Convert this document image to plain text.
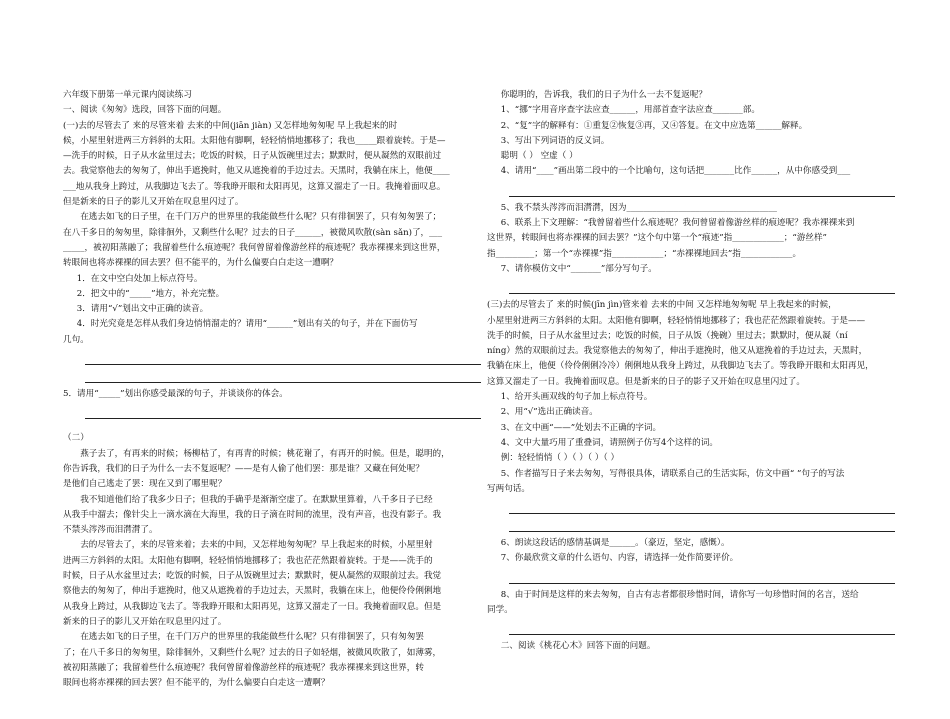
六年级下册第一单元课内阅读练习

一、阅读《匆匆》选段，回答下面的问题。

(一)去的尽管去了 来的尽管来着 去来的中间(jiān jiàn) 又怎样地匆匆呢 早上我起来的时

候，小屋里射进两三方斜斜的太阳。太阳他有脚啊，轻轻悄悄地挪移了；我也_____跟着旋转。于是—

—洗手的时候，日子从水盆里过去；吃饭的时候，日子从饭碗里过去；默默时，便从凝然的双眼前过

去。我觉察他去的匆匆了，伸出手遮挽时，他又从遮挽着的手边过去。天黑时，我躺在床上，他便____

___地从我身上跨过，从我脚边飞去了。等我睁开眼和太阳再见，这算又溜走了一日。我掩着面叹息。

但是新来的日子的影儿又开始在叹息里闪过了。

在逃去如飞的日子里，在千门万户的世界里的我能做些什么呢？只有徘徊罢了，只有匆匆罢了；

在八千多日的匆匆里，除徘徊外，又剩些什么呢？过去的日子______，被微风吹散(sàn sǎn)了，___

_____，被初阳蒸融了；我留着些什么痕迹呢？我何曾留着像游丝样的痕迹呢？我赤裸裸来到这世界，

转眼间也将赤裸裸的回去罢？但不能平的，为什么偏要白白走这一遭啊？

1．在文中空白处加上标点符号。

2．把文中的“_____”地方，补充完整。

3．请用“√”划出文中正确的读音。

4．时光究竟是怎样从我们身边悄悄溜走的？请用“______”划出有关的句子，并在下面仿写

几句。

5．请用“_____”划出你感受最深的句子，并谈谈你的体会。

（二）

燕子去了，有再来的时候；杨柳枯了，有再青的时候；桃花谢了，有再开的时候。但是，聪明的，

你告诉我，我们的日子为什么一去不复返呢？——是有人偷了他们罢：那是谁？又藏在何处呢？

是他们自己逃走了罢：现在又到了哪里呢？

我不知道他们给了我多少日子；但我的手确乎是渐渐空虚了。在默默里算着，八千多日子已经

从我手中溜去；像针尖上一滴水滴在大海里，我的日子滴在时间的流里，没有声音，也没有影子。我

不禁头涔涔而泪潸潸了。

去的尽管去了，来的尽管来着；去来的中间，又怎样地匆匆呢？早上我起来的时候，小屋里射

进两三方斜斜的太阳。太阳他有脚啊，轻轻悄悄地挪移了；我也茫茫然跟着旋转。于是——洗手的

时候，日子从水盆里过去；吃饭的时候，日子从饭碗里过去；默默时，便从凝然的双眼前过去。我觉

察他去的匆匆了，伸出手遮挽时，他又从遮挽着的手边过去，天黑时，我躺在床上，他便伶伶俐俐地

从我身上跨过，从我脚边飞去了。等我睁开眼和太阳再见，这算又溜走了一日。我掩着面叹息。但是

新来的日子的影儿又开始在叹息里闪过了。

在逃去如飞的日子里，在千门万户的世界里的我能做些什么呢？只有徘徊罢了，只有匆匆罢

了；在八千多日的匆匆里，除徘徊外，又剩些什么呢？过去的日子如轻烟，被微风吹散了，如薄雾，

被初阳蒸融了；我留着些什么痕迹呢？我何曾留着像游丝样的痕迹呢？我赤裸裸来到这世界，转

眼间也将赤裸裸的回去罢？但不能平的，为什么偏要白白走这一遭啊？

你聪明的，告诉我，我们的日子为什么一去不复返呢？

1、“挪”字用音序查字法应查______，用部首查字法应查_______部。

2、“复”字的解释有：①重复②恢复③再，又④答复。在文中应选第______解释。

3、写出下列词语的反义词。

聪明（ ） 空虚（ ）

4、请用“____”画出第二段中的一个比喻句，这句话把_______比作______，从中你感受到___

5、我不禁头涔涔而泪潸潸，因为___________________________________

6、联系上下文理解：“我曾留着些什么痕迹呢？我何曾留着像游丝样的痕迹呢？我赤裸裸来到

这世界，转眼间也将赤裸裸的回去罢？”这个句中第一个“痕迹”指____________；“游丝样”

指_________；第一个“赤裸裸”指____________；“赤裸裸地回去”指____________。

7、请你模仿文中“_______”部分写句子。

(三)去的尽管去了 来的时候(jīn jìn)管来着 去来的中间 又怎样地匆匆呢 早上我起来的时候，

小屋里射进两三方斜斜的太阳。太阳他有脚啊，轻轻悄悄地挪移了；我也茫茫然跟着旋转。于是——

洗手的时候，日子从水盆里过去；吃饭的时候，日子从饭（挽碗）里过去；默默时，便从凝（ní

níng）然的双眼前过去。我觉察他去的匆匆了，伸出手遮挽时，他又从遮挽着的手边过去，天黑时，

我躺在床上，他便（伶伶俐俐冷冷）俐俐地从我身上跨过，从我脚边飞去了。等我睁开眼和太阳再见，

这算又溜走了一日。我掩着面叹息。但是新来的日子的影子又开始在叹息里闪过了。

1、给开头画双线的句子加上标点符号。

2、用“√”选出正确读音。

3、在文中画“——”处划去不正确的字词。

4、文中大量巧用了重叠词，请照例子仿写4个这样的词。

例：轻轻悄悄（ ）（ ）（ ）（ ）

5、作者描写日子来去匆匆，写得很具体，请联系自己的生活实际，仿文中画“ ”句子的写法

写两句话。

6、朗读这段话的感情基调是______。（豪迈，坚定，感慨）。

7、你最欣赏文章的什么语句、内容，请选择一处作简要评价。

8、由于时间是这样的来去匆匆，自古有志者都很珍惜时间，请你写一句珍惜时间的名言，送给

同学。

二、阅读《桃花心木》回答下面的问题。
